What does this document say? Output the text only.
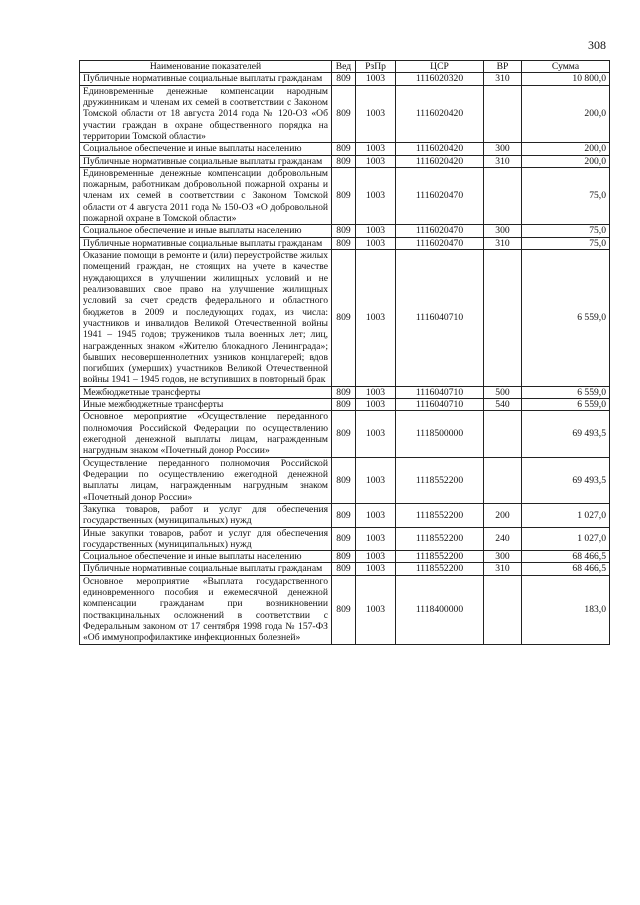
308
Наименование показателей	Вед	РзПр	ЦСР	ВР	Сумма
Публичные нормативные социальные выплаты гражданам	809	1003	1116020320	310	10 800,0
Единовременные денежные компенсации народным дружинникам и членам их семей в соответствии с Законом Томской области от 18 августа 2014 года № 120-ОЗ «Об участии граждан в охране общественного порядка на территории Томской области»	809	1003	1116020420		200,0
Социальное обеспечение и иные выплаты населению	809	1003	1116020420	300	200,0
Публичные нормативные социальные выплаты гражданам	809	1003	1116020420	310	200,0
Единовременные денежные компенсации добровольным пожарным, работникам добровольной пожарной охраны и членам их семей в соответствии с Законом Томской области от 4 августа 2011 года № 150-ОЗ «О добровольной пожарной охране в Томской области»	809	1003	1116020470		75,0
Социальное обеспечение и иные выплаты населению	809	1003	1116020470	300	75,0
Публичные нормативные социальные выплаты гражданам	809	1003	1116020470	310	75,0
Оказание помощи в ремонте и (или) переустройстве жилых помещений граждан, не стоящих на учете в качестве нуждающихся в улучшении жилищных условий и не реализовавших свое право на улучшение жилищных условий за счет средств федерального и областного бюджетов в 2009 и последующих годах, из числа: участников и инвалидов Великой Отечественной войны 1941 – 1945 годов; тружеников тыла военных лет; лиц, награжденных знаком «Жителю блокадного Ленинграда»; бывших несовершеннолетних узников концлагерей; вдов погибших (умерших) участников Великой Отечественной войны 1941 – 1945 годов, не вступивших в повторный брак	809	1003	1116040710		6 559,0
Межбюджетные трансферты	809	1003	1116040710	500	6 559,0
Иные межбюджетные трансферты	809	1003	1116040710	540	6 559,0
Основное мероприятие «Осуществление переданного полномочия Российской Федерации по осуществлению ежегодной денежной выплаты лицам, награжденным нагрудным знаком «Почетный донор России»	809	1003	1118500000		69 493,5
Осуществление переданного полномочия Российской Федерации по осуществлению ежегодной денежной выплаты лицам, награжденным нагрудным знаком «Почетный донор России»	809	1003	1118552200		69 493,5
Закупка товаров, работ и услуг для обеспечения государственных (муниципальных) нужд	809	1003	1118552200	200	1 027,0
Иные закупки товаров, работ и услуг для обеспечения государственных (муниципальных) нужд	809	1003	1118552200	240	1 027,0
Социальное обеспечение и иные выплаты населению	809	1003	1118552200	300	68 466,5
Публичные нормативные социальные выплаты гражданам	809	1003	1118552200	310	68 466,5
Основное мероприятие «Выплата государственного единовременного пособия и ежемесячной денежной компенсации гражданам при возникновении поствакцинальных осложнений в соответствии с Федеральным законом от 17 сентября 1998 года № 157-ФЗ «Об иммунопрофилактике инфекционных болезней»	809	1003	1118400000		183,0
